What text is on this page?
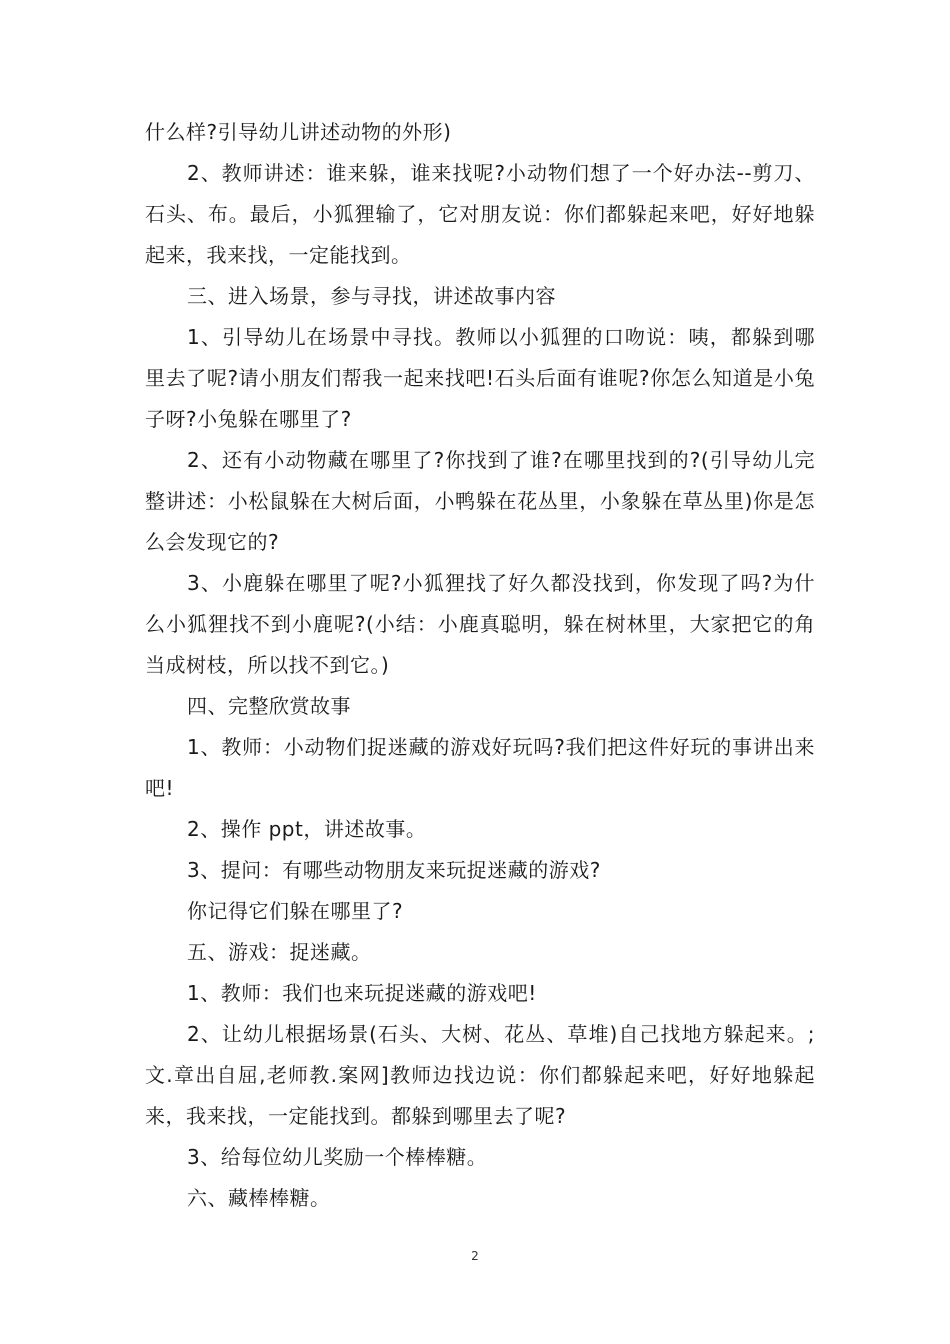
什么样?引导幼儿讲述动物的外形)

2、教师讲述：谁来躲，谁来找呢?小动物们想了一个好办法--剪刀、石头、布。最后，小狐狸输了，它对朋友说：你们都躲起来吧，好好地躲起来，我来找，一定能找到。

三、进入场景，参与寻找，讲述故事内容

1、引导幼儿在场景中寻找。教师以小狐狸的口吻说：咦，都躲到哪里去了呢?请小朋友们帮我一起来找吧!石头后面有谁呢?你怎么知道是小兔子呀?小兔躲在哪里了?

2、还有小动物藏在哪里了?你找到了谁?在哪里找到的?(引导幼儿完整讲述：小松鼠躲在大树后面，小鸭躲在花丛里，小象躲在草丛里)你是怎么会发现它的?

3、小鹿躲在哪里了呢?小狐狸找了好久都没找到，你发现了吗?为什么小狐狸找不到小鹿呢?(小结：小鹿真聪明，躲在树林里，大家把它的角当成树枝，所以找不到它。)

四、完整欣赏故事

1、教师：小动物们捉迷藏的游戏好玩吗?我们把这件好玩的事讲出来吧!

2、操作 ppt，讲述故事。

3、提问：有哪些动物朋友来玩捉迷藏的游戏?

你记得它们躲在哪里了?

五、游戏：捉迷藏。

1、教师：我们也来玩捉迷藏的游戏吧!

2、让幼儿根据场景(石头、大树、花丛、草堆)自己找地方躲起来。;文.章出自屈,老师教.案网]教师边找边说：你们都躲起来吧，好好地躲起来，我来找，一定能找到。都躲到哪里去了呢?

3、给每位幼儿奖励一个棒棒糖。

六、藏棒棒糖。

2
